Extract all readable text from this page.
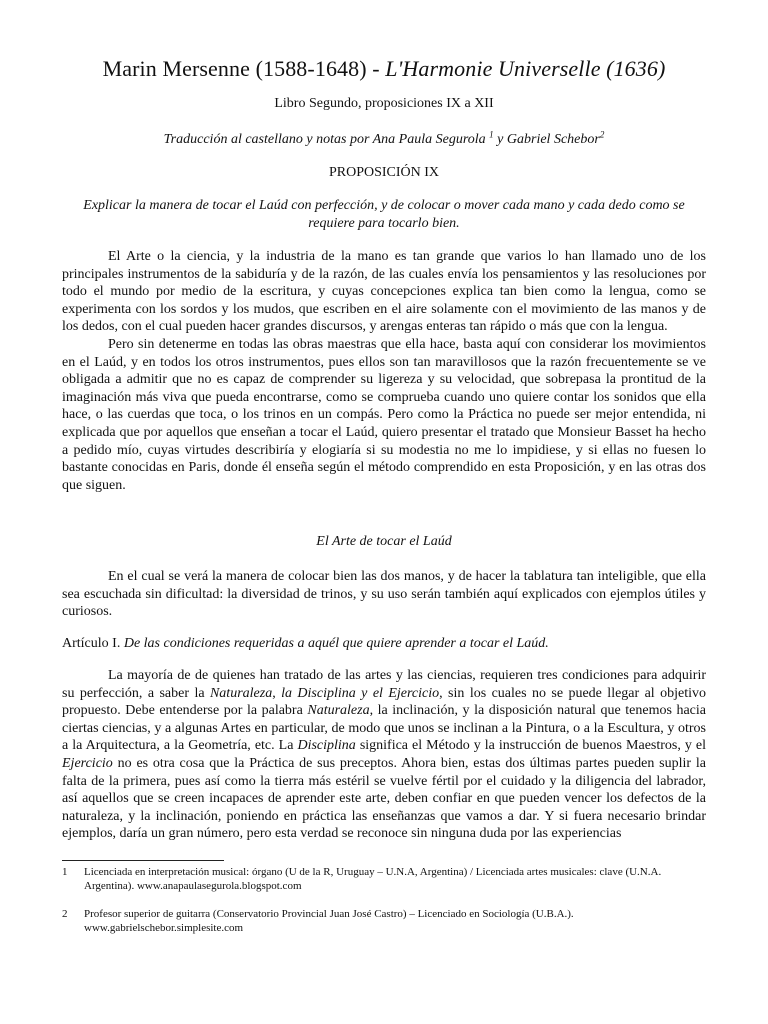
Marin Mersenne (1588-1648) - L'Harmonie Universelle (1636)
Libro Segundo, proposiciones IX a XII
Traducción al castellano y notas por Ana Paula Segurola $^1$ y Gabriel Schebor$^2$
PROPOSICIÓN IX
Explicar la manera de tocar el Laúd con perfección, y de colocar o mover cada mano y cada dedo como se requiere para tocarlo bien.

El Arte o la ciencia, y la industria de la mano es tan grande que varios lo han llamado uno de los principales instrumentos de la sabiduría y de la razón, de las cuales envía los pensamientos y las resoluciones por todo el mundo por medio de la escritura, y cuyas concepciones explica tan bien como la lengua, como se experimenta con los sordos y los mudos, que escriben en el aire solamente con el movimiento de las manos y de los dedos, con el cual pueden hacer grandes discursos, y arengas enteras tan rápido o más que con la lengua.

Pero sin detenerme en todas las obras maestras que ella hace, basta aquí con considerar los movimientos en el Laúd, y en todos los otros instrumentos, pues ellos son tan maravillosos que la razón frecuentemente se ve obligada a admitir que no es capaz de comprender su ligereza y su velocidad, que sobrepasa la prontitud de la imaginación más viva que pueda encontrarse, como se comprueba cuando uno quiere contar los sonidos que ella hace, o las cuerdas que toca, o los trinos en un compás. Pero como la Práctica no puede ser mejor entendida, ni explicada que por aquellos que enseñan a tocar el Laúd, quiero presentar el tratado que Monsieur Basset ha hecho a pedido mío, cuyas virtudes describiría y elogiaría si su modestia no me lo impidiese, y si ellas no fuesen lo bastante conocidas en Paris, donde él enseña según el método comprendido en esta Proposición, y en las otras dos que siguen.

El Arte de tocar el Laúd

En el cual se verá la manera de colocar bien las dos manos, y de hacer la tablatura tan inteligible, que ella sea escuchada sin dificultad: la diversidad de trinos, y su uso serán también aquí explicados con ejemplos útiles y curiosos.

Artículo I. De las condiciones requeridas a aquél que quiere aprender a tocar el Laúd.

La mayoría de de quienes han tratado de las artes y las ciencias, requieren tres condiciones para adquirir su perfección, a saber la Naturaleza, la Disciplina y el Ejercicio, sin los cuales no se puede llegar al objetivo propuesto. Debe entenderse por la palabra Naturaleza, la inclinación, y la disposición natural que tenemos hacia ciertas ciencias, y a algunas Artes en particular, de modo que unos se inclinan a la Pintura, o a la Escultura, y otros a la Arquitectura, a la Geometría, etc. La Disciplina significa el Método y la instrucción de buenos Maestros, y el Ejercicio no es otra cosa que la Práctica de sus preceptos. Ahora bien, estas dos últimas partes pueden suplir la falta de la primera, pues así como la tierra más estéril se vuelve fértil por el cuidado y la diligencia del labrador, así aquellos que se creen incapaces de aprender este arte, deben confiar en que pueden vencer los defectos de la naturaleza, y la inclinación, poniendo en práctica las enseñanzas que vamos a dar. Y si fuera necesario brindar ejemplos, daría un gran número, pero esta verdad se reconoce sin ninguna duda por las experiencias

1 Licenciada en interpretación musical: órgano (U de la R, Uruguay – U.N.A, Argentina) / Licenciada artes musicales: clave (U.N.A. Argentina). www.anapaulasegurola.blogspot.com
2 Profesor superior de guitarra (Conservatorio Provincial Juan José Castro) – Licenciado en Sociología (U.B.A.). www.gabrielschebor.simplesite.com
